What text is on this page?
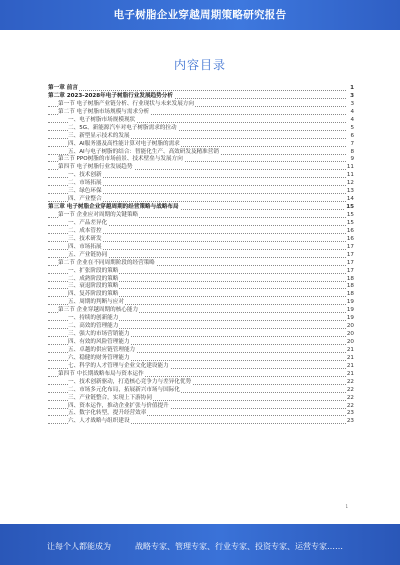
电子树脂企业穿越周期策略研究报告
内容目录
第一章 前言	1
第二章 2023-2028年电子树脂行业发展趋势分析	3
第一节 电子树脂产业链分析、行业现状与未来发展方向	3
第二节 电子树脂市场规模与需求分析	4
一、电子树脂市场规模现状	4
二、5G、新能源汽车对电子树脂需求的拉动	5
三、新型显示技术的发展	6
四、AI服务器及高性能计算对电子树脂的需求	7
五、AI与电子树脂的结合：智能化生产、高效研发及精准营销	8
第三节 PPO树脂的市场前景、技术壁垒与发展方向	9
第四节 电子树脂行业发展趋势	11
一、技术创新	11
二、市场拓展	12
三、绿色环保	13
四、产业整合	14
第三章 电子树脂企业穿越周期的经营策略与战略布局	15
第一节 企业应对周期的关键策略	15
一、产品差异化	15
二、成本管控	16
三、技术研发	16
四、市场拓展	17
五、产业链协同	17
第二节 企业在不同周期阶段的经营策略	17
一、扩张阶段的策略	17
二、成熟阶段的策略	18
三、衰退阶段的策略	18
四、复苏阶段的策略	18
五、周期的判断与应对	19
第三节 企业穿越周期的核心能力	19
一、持续的创新能力	19
二、高效的管理能力	20
三、强大的市场营销能力	20
四、有效的风险管理能力	20
五、卓越的供应链管理能力	21
六、稳健的财务管理能力	21
七、科学的人才管理与企业文化建设能力	21
第四节 中长期战略布局与资本运作	21
一、技术创新驱动，打造核心竞争力与差异化优势	22
二、市场多元化布局，拓展新兴市场与国际化	22
三、产业链整合，实现上下游协同	22
四、资本运作，推动企业扩张与价值提升	22
五、数字化转型，提升经营效率	23
六、人才战略与组织建设	23
1
让每个人都能成为	战略专家、管理专家、行业专家、投资专家、运营专家……
